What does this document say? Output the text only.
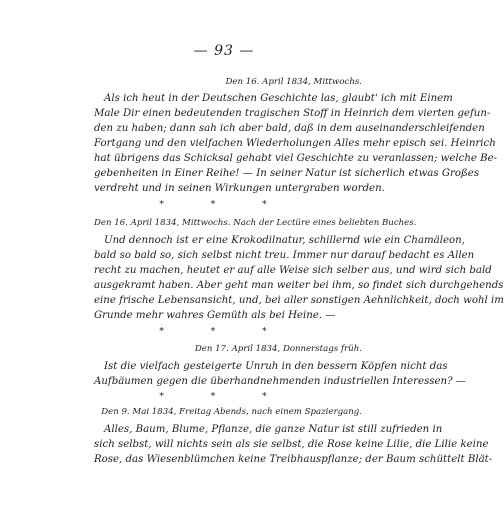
— 93 —
Den 16. April 1834, Mittwochs.
Als ich heut in der Deutschen Geschichte las, glaubt' ich mit Einem
Male Dir einen bedeutenden tragischen Stoff in Heinrich dem vierten gefun-
den zu haben; dann sah ich aber bald, daß in dem auseinanderschleifenden
Fortgang und den vielfachen Wiederholungen Alles mehr episch sei. Heinrich
hat übrigens das Schicksal gehabt viel Geschichte zu veranlassen; welche Be-
gebenheiten in Einer Reihe! — In seiner Natur ist sicherlich etwas Großes
verdreht und in seinen Wirkungen untergraben worden.
* * *
Den 16. April 1834, Mittwochs. Nach der Lectüre eines beliebten Buches.
Und dennoch ist er eine Krokodilnatur, schillernd wie ein Chamäleon,
bald so bald so, sich selbst nicht treu. Immer nur darauf bedacht es Allen
recht zu machen, heutet er auf alle Weise sich selber aus, und wird sich bald
ausgekramt haben. Aber geht man weiter bei ihm, so findet sich durchgehends
eine frische Lebensansicht, und, bei aller sonstigen Aehnlichkeit, doch wohl im
Grunde mehr wahres Gemüth als bei Heine. —
* * *
Den 17. April 1834, Donnerstags früh.
Ist die vielfach gesteigerte Unruh in den bessern Köpfen nicht das
Aufbäumen gegen die überhandnehmenden industriellen Interessen? —
* * *
Den 9. Mai 1834, Freitag Abends, nach einem Spaziergang.
Alles, Baum, Blume, Pflanze, die ganze Natur ist still zufrieden in
sich selbst, will nichts sein als sie selbst, die Rose keine Lilie, die Lilie keine
Rose, das Wiesenblümchen keine Treibhauspflanze; der Baum schüttelt Blät-
